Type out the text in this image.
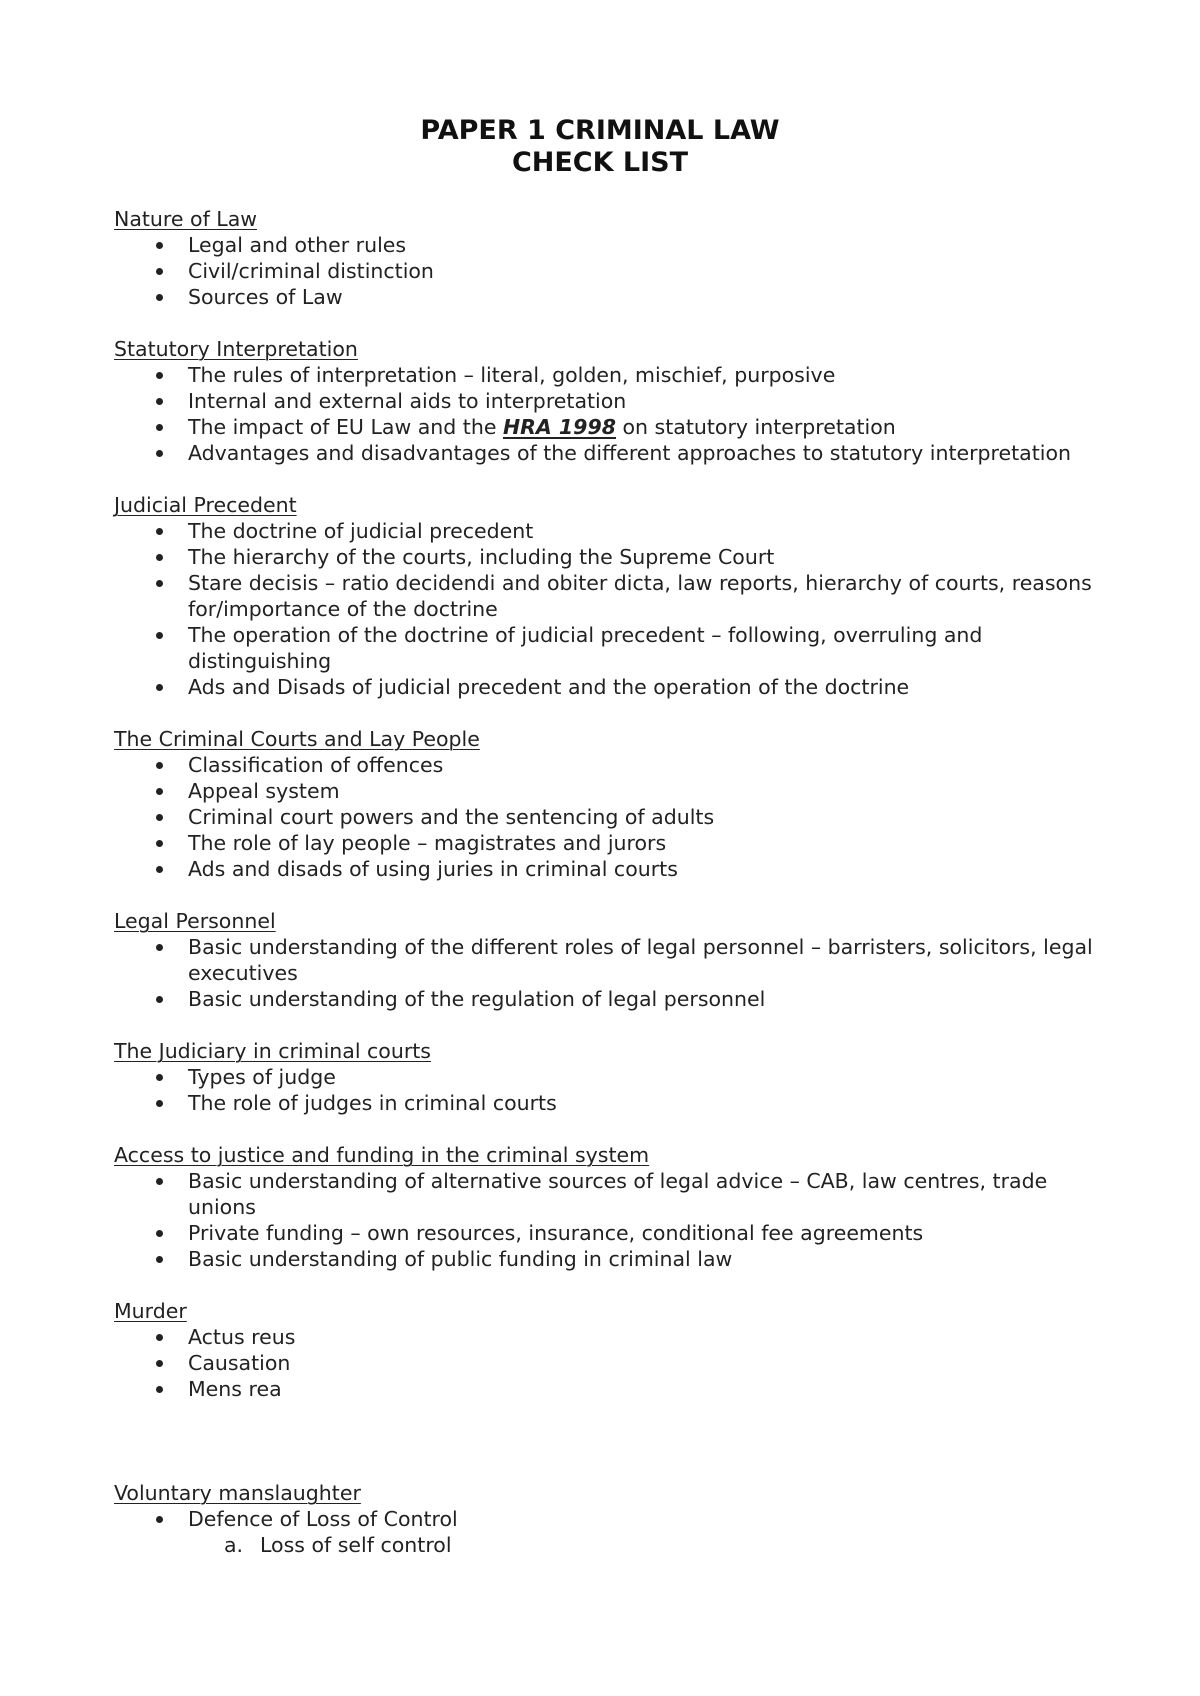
PAPER 1 CRIMINAL LAW
CHECK LIST
Nature of Law
Legal and other rules
Civil/criminal distinction
Sources of Law
Statutory Interpretation
The rules of interpretation – literal, golden, mischief, purposive
Internal and external aids to interpretation
The impact of EU Law and the HRA 1998 on statutory interpretation
Advantages and disadvantages of the different approaches to statutory interpretation
Judicial Precedent
The doctrine of judicial precedent
The hierarchy of the courts, including the Supreme Court
Stare decisis – ratio decidendi and obiter dicta, law reports, hierarchy of courts, reasons for/importance of the doctrine
The operation of the doctrine of judicial precedent – following, overruling and distinguishing
Ads and Disads of judicial precedent and the operation of the doctrine
The Criminal Courts and Lay People
Classification of offences
Appeal system
Criminal court powers and the sentencing of adults
The role of lay people – magistrates and jurors
Ads and disads of using juries in criminal courts
Legal Personnel
Basic understanding of the different roles of legal personnel – barristers, solicitors, legal executives
Basic understanding of the regulation of legal personnel
The Judiciary in criminal courts
Types of judge
The role of judges in criminal courts
Access to justice and funding in the criminal system
Basic understanding of alternative sources of legal advice – CAB, law centres, trade unions
Private funding – own resources, insurance, conditional fee agreements
Basic understanding of public funding in criminal law
Murder
Actus reus
Causation
Mens rea
Voluntary manslaughter
Defence of Loss of Control
a. Loss of self control
